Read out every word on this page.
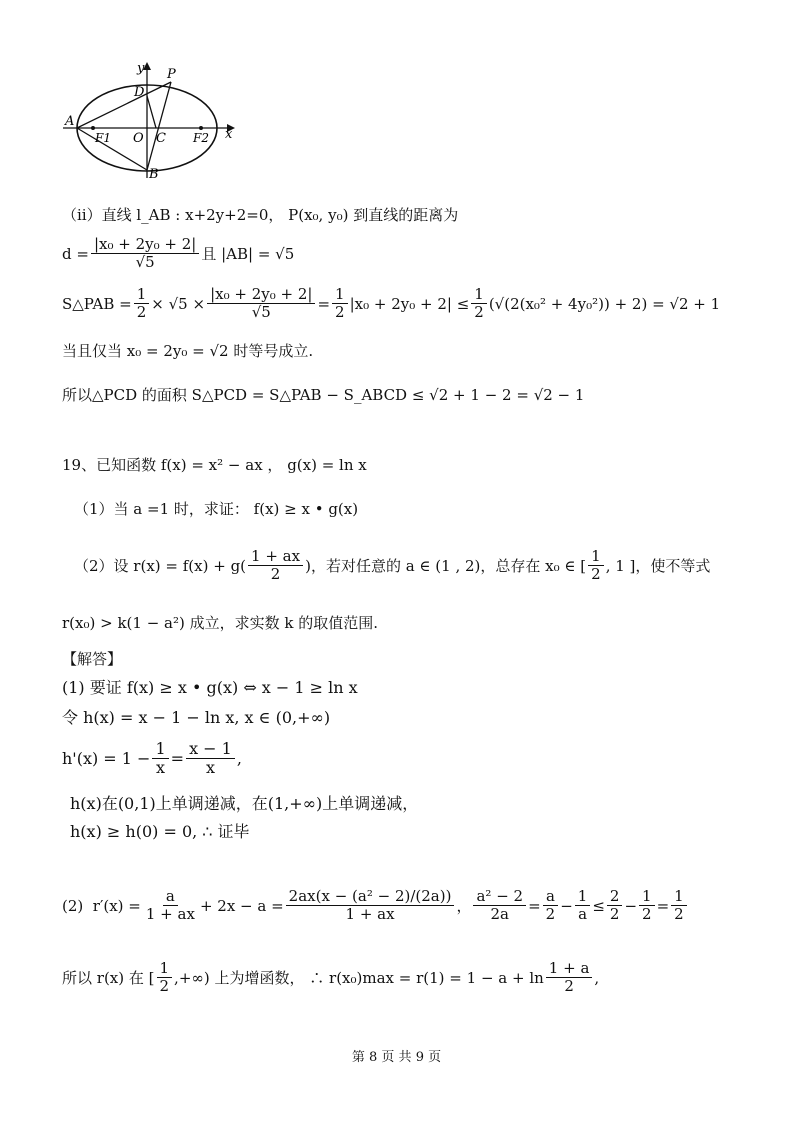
y P
D
A
F1 O C F2 x
B
（ⅱ）直线 l_AB : x+2y+2=0， P(x₀, y₀) 到直线的距离为
$d = \frac{\text{|x₀ + 2y₀ + 2|}}{√5}$ 且 |AB| = √5
S△PAB = $\frac{1}{2} \times √5 \times \frac{\text{|x₀ + 2y₀ + 2|}}{√5} = \frac{1}{2} |x_0 + 2y_0 + 2| \le \frac{1}{2} (√(2(x_0^2 + 4y_0^2)) + 2) = √2 + 1$
当且仅当 x₀ = 2y₀ = √2 时等号成立.
所以△PCD 的面积 S△PCD = S△PAB − S_ABCD ≤ √2 + 1 − 2 = √2 − 1
19、已知函数 f(x) = x² − ax ， g(x) = ln x
（1）当 a =1 时，求证： f(x) ≥ x • g(x)
（2）设 $r(x) = f(x) + g( \frac{1 + ax}{2}$ )，若对任意的 a ∈ (1 , 2)，总存在 x₀ ∈ [ $\frac{1}{2}$ , 1 ]，使不等式
r(x₀) > k(1 − a²) 成立，求实数 k 的取值范围.
【解答】
(1) 要证 f(x) ≥ x • g(x) ⇔ x − 1 ≥ ln x
令 h(x) = x − 1 − ln x, x ∈ (0,+∞)
$h'(x) = 1 - \frac{1}{x} = \frac{x - 1}{x}$ ,
h(x)在(0,1)上单调递减，在(1,+∞)上单调递减，
h(x) ≥ h(0) = 0, ∴ 证毕
(2)  $r'(x) = \frac{a}{1 + ax} + 2x - a = \frac{\text{2ax(x − (a² − 2)/(2a))}}{1 + ax}$ ， $\frac{\text{a² − 2}}{2a} = \frac{a}{2} - \frac{1}{a} \le \frac{2}{2} - \frac{1}{2} = \frac{1}{2}$
所以 r(x) 在 [ $\frac{1}{2}$ ,+∞) 上为增函数， ∴ $r(x_0)\max = r(1) = 1 - a + \ln \frac{1 + a}{2}$ ,
第 8 页 共 9 页
